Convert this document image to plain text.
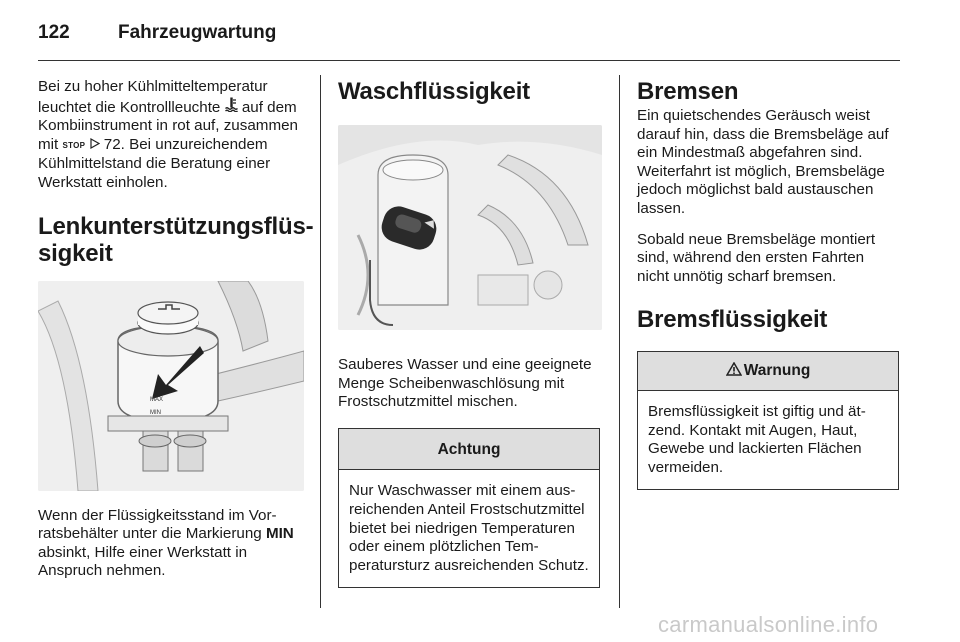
122	Fahrzeugwartung

Bei zu hoher Kühlmitteltemperatur leuchtet die Kontrollleuchte  auf dem Kombiinstrument in rot auf, zusammen mit STOP  72. Bei unzureichendem Kühlmittelstand die Beratung einer Werkstatt einholen.

Lenkunterstützungsflüssigkeit
MAX
MIN

Wenn der Flüssigkeitsstand im Vorratsbehälter unter die Markierung MIN absinkt, Hilfe einer Werkstatt in Anspruch nehmen.

Waschflüssigkeit

Sauberes Wasser und eine geeignete Menge Scheibenwaschlösung mit Frostschutzmittel mischen.

Achtung
Nur Waschwasser mit einem ausreichenden Anteil Frostschutzmittel bietet bei niedrigen Temperaturen oder einem plötzlichen Temperatursturz ausreichenden Schutz.
Bremsen

Ein quietschendes Geräusch weist darauf hin, dass die Bremsbeläge auf ein Mindestmaß abgefahren sind. Weiterfahrt ist möglich, Bremsbeläge jedoch möglichst bald austauschen lassen.

Sobald neue Bremsbeläge montiert sind, während den ersten Fahrten nicht unnötig scharf bremsen.

Bremsflüssigkeit
Warnung
Bremsflüssigkeit ist giftig und ätzend. Kontakt mit Augen, Haut, Gewebe und lackierten Flächen vermeiden.
carmanualsonline.info
